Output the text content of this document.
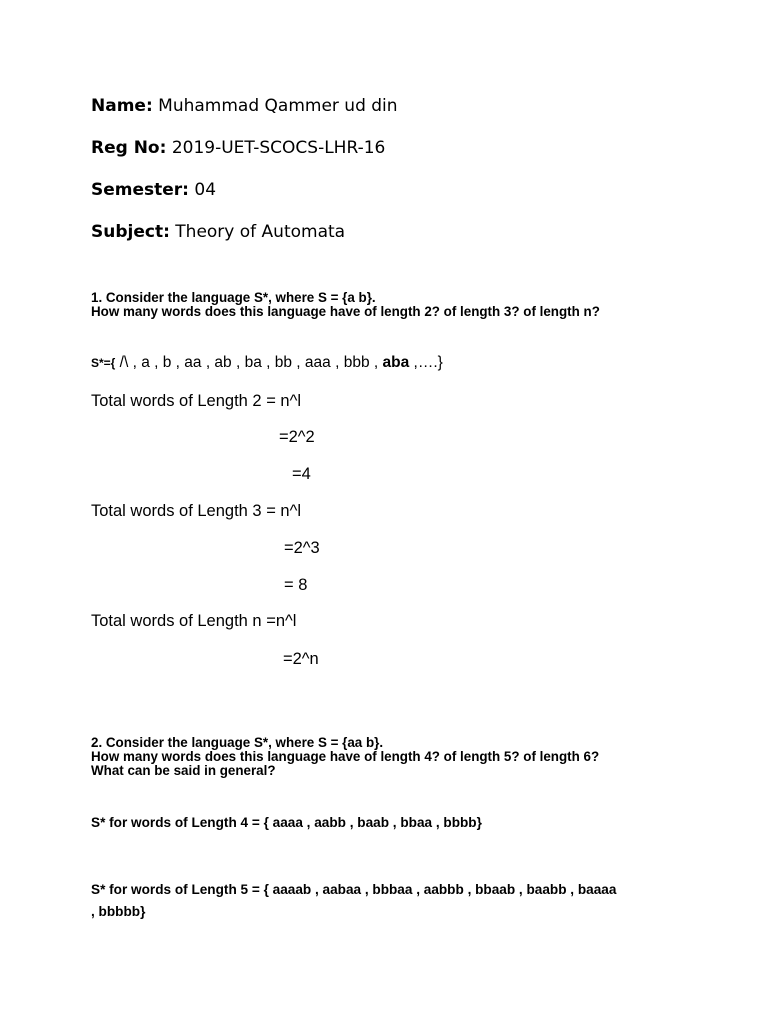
Name: Muhammad Qammer ud din
Reg No: 2019-UET-SCOCS-LHR-16
Semester: 04
Subject: Theory of Automata
1. Consider the language S*, where S = {a b}.
How many words does this language have of length 2? of length 3? of length n?
S*={ /\ , a , b , aa , ab , ba , bb , aaa , bbb , aba ,….}
Total words of Length 2 = n^l
=2^2
=4
Total words of Length 3 = n^l
=2^3
= 8
Total words of Length n =n^l
=2^n
2. Consider the language S*, where S = {aa b}.
How many words does this language have of length 4? of length 5? of length 6?
What can be said in general?
S* for words of Length 4 = { aaaa , aabb , baab , bbaa , bbbb}
S* for words of Length 5 = { aaaab , aabaa , bbbaa , aabbb , bbaab , baabb , baaaa
, bbbbb}
